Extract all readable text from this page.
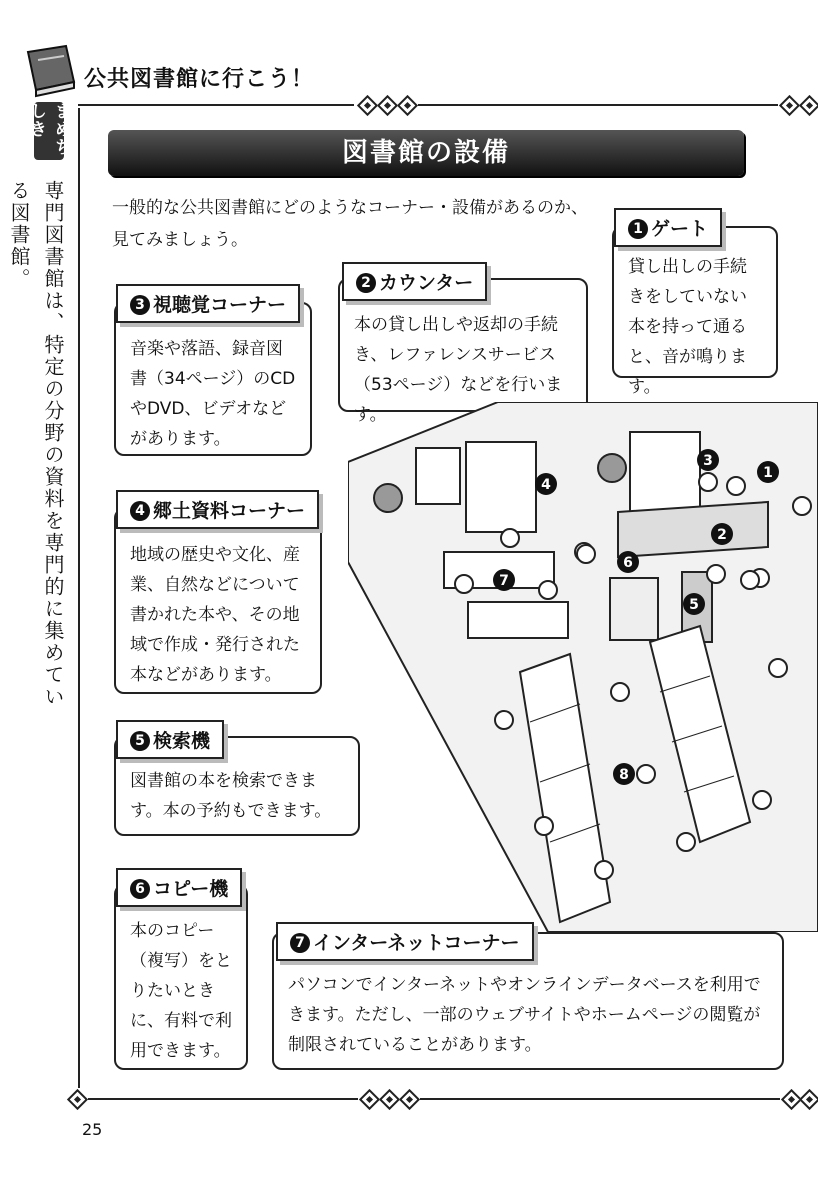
公共図書館に行こう！
まめちしき
専門図書館は、特定の分野の資料を専門的に集めている図書館。
図書館の設備
一般的な公共図書館にどのようなコーナー・設備があるのか、見てみましょう。
貸し出しの手続きをしていない本を持って通ると、音が鳴ります。
1 ゲート
本の貸し出しや返却の手続き、レファレンスサービス（53ページ）などを行います。
2 カウンター
音楽や落語、録音図書（34ページ）のCDやDVD、ビデオなどがあります。
3 視聴覚コーナー
地域の歴史や文化、産業、自然などについて書かれた本や、その地域で作成・発行された本などがあります。
4 郷土資料コーナー
図書館の本を検索できます。本の予約もできます。
5 検索機
本のコピー（複写）をとりたいときに、有料で利用できます。
6 コピー機
パソコンでインターネットやオンラインデータベースを利用できます。ただし、一部のウェブサイトやホームページの閲覧が制限されていることがあります。
7 インターネットコーナー
1
2
3
4
5
6
7
8
25
